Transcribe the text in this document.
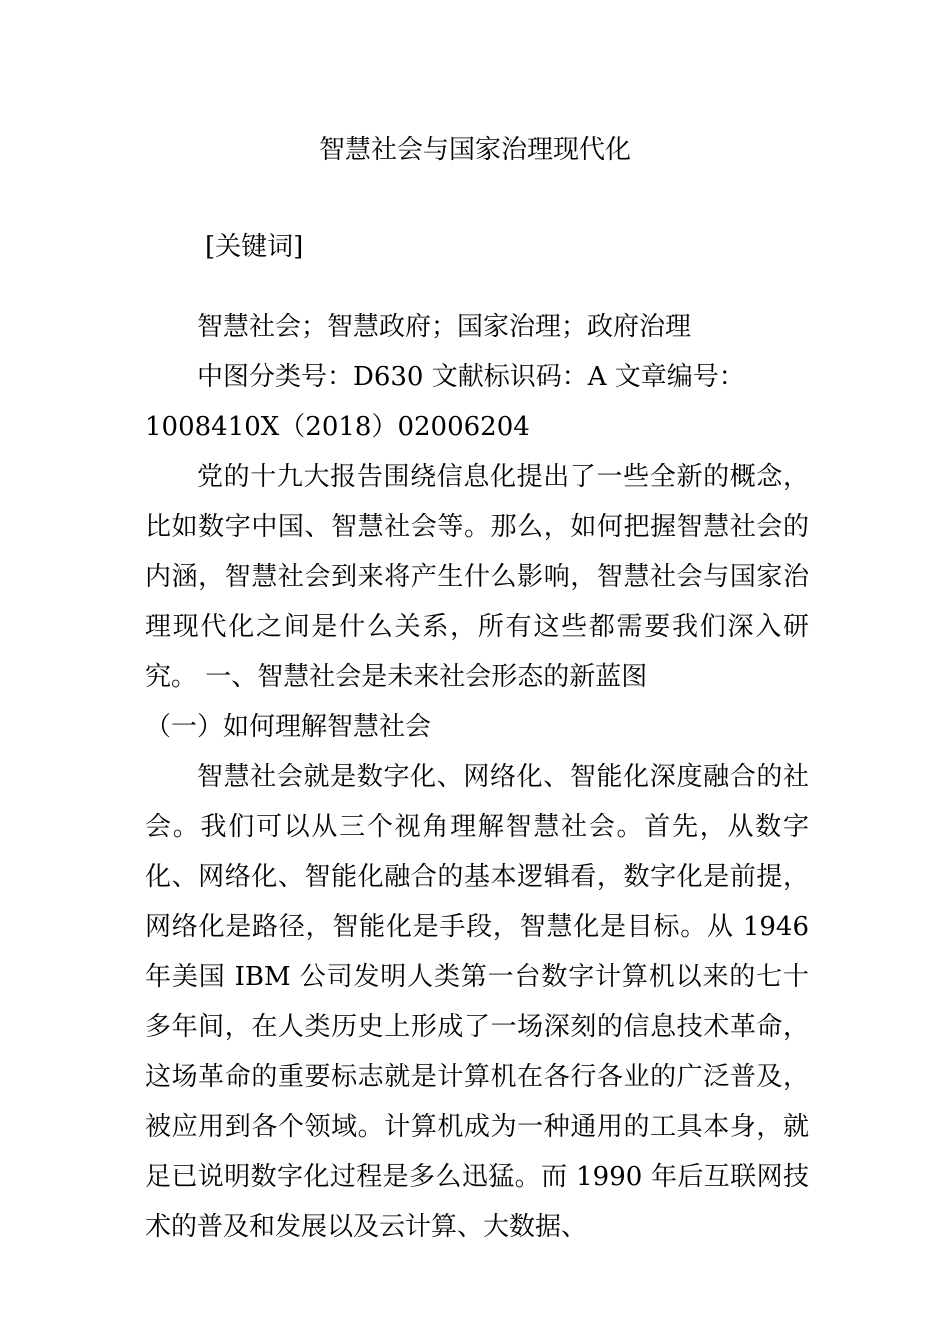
智慧社会与国家治理现代化
[关键词]

智慧社会；智慧政府；国家治理；政府治理

中图分类号：D630 文献标识码：A 文章编号：

1008410X（2018）02006204

党的十九大报告围绕信息化提出了一些全新的概念，比如数字中国、智慧社会等。那么，如何把握智慧社会的内涵，智慧社会到来将产生什么影响，智慧社会与国家治理现代化之间是什么关系，所有这些都需要我们深入研究。 一、智慧社会是未来社会形态的新蓝图

（一）如何理解智慧社会

智慧社会就是数字化、网络化、智能化深度融合的社会。我们可以从三个视角理解智慧社会。首先，从数字化、网络化、智能化融合的基本逻辑看，数字化是前提，网络化是路径，智能化是手段，智慧化是目标。从 1946 年美国 IBM 公司发明人类第一台数字计算机以来的七十多年间，在人类历史上形成了一场深刻的信息技术革命，这场革命的重要标志就是计算机在各行各业的广泛普及，被应用到各个领域。计算机成为一种通用的工具本身，就足已说明数字化过程是多么迅猛。而 1990 年后互联网技术的普及和发展以及云计算、大数据、
